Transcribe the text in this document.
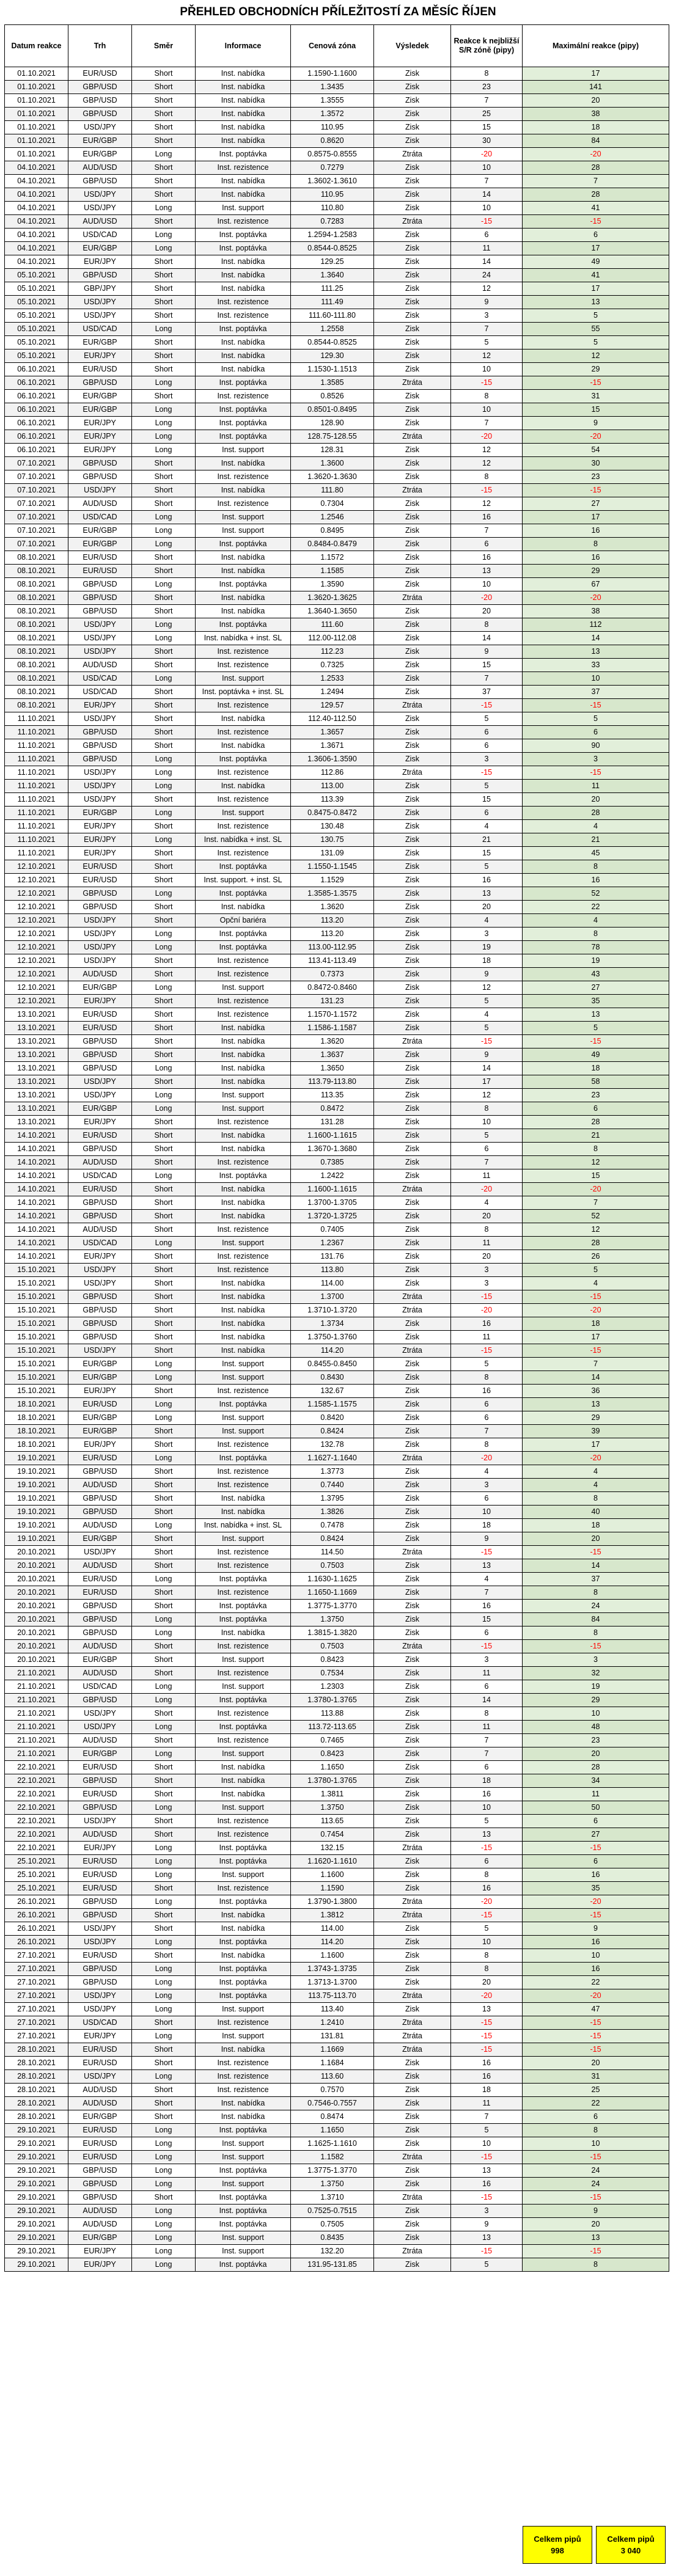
PŘEHLED OBCHODNÍCH PŘÍLEŽITOSTÍ ZA MĚSÍC ŘÍJEN
Datum reakce	Trh	Směr	Informace	Cenová zóna	Výsledek	Reakce k nejbližší S/R zóně (pipy)	Maximální reakce (pipy)
01.10.2021	EUR/USD	Short	Inst. nabídka	1.1590-1.1600	Zisk	8	17
01.10.2021	GBP/USD	Short	Inst. nabídka	1.3435	Zisk	23	141
01.10.2021	GBP/USD	Short	Inst. nabídka	1.3555	Zisk	7	20
01.10.2021	GBP/USD	Short	Inst. nabídka	1.3572	Zisk	25	38
01.10.2021	USD/JPY	Short	Inst. nabídka	110.95	Zisk	15	18
01.10.2021	EUR/GBP	Short	Inst. nabídka	0.8620	Zisk	30	84
01.10.2021	EUR/GBP	Long	Inst. poptávka	0.8575-0.8555	Ztráta	-20	-20
04.10.2021	AUD/USD	Short	Inst. rezistence	0.7279	Zisk	10	28
04.10.2021	GBP/USD	Short	Inst. nabídka	1.3602-1.3610	Zisk	7	7
04.10.2021	USD/JPY	Short	Inst. nabídka	110.95	Zisk	14	28
04.10.2021	USD/JPY	Long	Inst. support	110.80	Zisk	10	41
04.10.2021	AUD/USD	Short	Inst. rezistence	0.7283	Ztráta	-15	-15
04.10.2021	USD/CAD	Long	Inst. poptávka	1.2594-1.2583	Zisk	6	6
04.10.2021	EUR/GBP	Long	Inst. poptávka	0.8544-0.8525	Zisk	11	17
04.10.2021	EUR/JPY	Short	Inst. nabídka	129.25	Zisk	14	49
05.10.2021	GBP/USD	Short	Inst. nabídka	1.3640	Zisk	24	41
05.10.2021	GBP/JPY	Short	Inst. nabídka	111.25	Zisk	12	17
05.10.2021	USD/JPY	Short	Inst. rezistence	111.49	Zisk	9	13
05.10.2021	USD/JPY	Short	Inst. rezistence	111.60-111.80	Zisk	3	5
05.10.2021	USD/CAD	Long	Inst. poptávka	1.2558	Zisk	7	55
05.10.2021	EUR/GBP	Short	Inst. nabídka	0.8544-0.8525	Zisk	5	5
05.10.2021	EUR/JPY	Short	Inst. nabídka	129.30	Zisk	12	12
06.10.2021	EUR/USD	Short	Inst. nabídka	1.1530-1.1513	Zisk	10	29
06.10.2021	GBP/USD	Long	Inst. poptávka	1.3585	Ztráta	-15	-15
06.10.2021	EUR/GBP	Short	Inst. rezistence	0.8526	Zisk	8	31
06.10.2021	EUR/GBP	Long	Inst. poptávka	0.8501-0.8495	Zisk	10	15
06.10.2021	EUR/JPY	Long	Inst. poptávka	128.90	Zisk	7	9
06.10.2021	EUR/JPY	Long	Inst. poptávka	128.75-128.55	Ztráta	-20	-20
06.10.2021	EUR/JPY	Long	Inst. support	128.31	Zisk	12	54
07.10.2021	GBP/USD	Short	Inst. nabídka	1.3600	Zisk	12	30
07.10.2021	GBP/USD	Short	Inst. rezistence	1.3620-1.3630	Zisk	8	23
07.10.2021	USD/JPY	Short	Inst. nabídka	111.80	Ztráta	-15	-15
07.10.2021	AUD/USD	Short	Inst. rezistence	0.7304	Zisk	12	27
07.10.2021	USD/CAD	Long	Inst. support	1.2546	Zisk	16	17
07.10.2021	EUR/GBP	Long	Inst. support	0.8495	Zisk	7	16
07.10.2021	EUR/GBP	Long	Inst. poptávka	0.8484-0.8479	Zisk	6	8
08.10.2021	EUR/USD	Short	Inst. nabídka	1.1572	Zisk	16	16
08.10.2021	EUR/USD	Short	Inst. nabídka	1.1585	Zisk	13	29
08.10.2021	GBP/USD	Long	Inst. poptávka	1.3590	Zisk	10	67
08.10.2021	GBP/USD	Short	Inst. nabídka	1.3620-1.3625	Ztráta	-20	-20
08.10.2021	GBP/USD	Short	Inst. nabídka	1.3640-1.3650	Zisk	20	38
08.10.2021	USD/JPY	Long	Inst. poptávka	111.60	Zisk	8	112
08.10.2021	USD/JPY	Long	Inst. nabídka + inst. SL	112.00-112.08	Zisk	14	14
08.10.2021	USD/JPY	Short	Inst. rezistence	112.23	Zisk	9	13
08.10.2021	AUD/USD	Short	Inst. rezistence	0.7325	Zisk	15	33
08.10.2021	USD/CAD	Long	Inst. support	1.2533	Zisk	7	10
08.10.2021	USD/CAD	Short	Inst. poptávka + inst. SL	1.2494	Zisk	37	37
08.10.2021	EUR/JPY	Short	Inst. rezistence	129.57	Ztráta	-15	-15
11.10.2021	USD/JPY	Short	Inst. nabídka	112.40-112.50	Zisk	5	5
11.10.2021	GBP/USD	Short	Inst. rezistence	1.3657	Zisk	6	6
11.10.2021	GBP/USD	Short	Inst. nabídka	1.3671	Zisk	6	90
11.10.2021	GBP/USD	Long	Inst. poptávka	1.3606-1.3590	Zisk	3	3
11.10.2021	USD/JPY	Long	Inst. rezistence	112.86	Ztráta	-15	-15
11.10.2021	USD/JPY	Long	Inst. nabídka	113.00	Zisk	5	11
11.10.2021	USD/JPY	Short	Inst. rezistence	113.39	Zisk	15	20
11.10.2021	EUR/GBP	Long	Inst. support	0.8475-0.8472	Zisk	6	28
11.10.2021	EUR/JPY	Short	Inst. rezistence	130.48	Zisk	4	4
11.10.2021	EUR/JPY	Long	Inst. nabídka + inst. SL	130.75	Zisk	21	21
11.10.2021	EUR/JPY	Short	Inst. rezistence	131.09	Zisk	15	45
12.10.2021	EUR/USD	Short	Inst. poptávka	1.1550-1.1545	Zisk	5	8
12.10.2021	EUR/USD	Short	Inst. support. + inst. SL	1.1529	Zisk	16	16
12.10.2021	GBP/USD	Long	Inst. poptávka	1.3585-1.3575	Zisk	13	52
12.10.2021	GBP/USD	Short	Inst. nabídka	1.3620	Zisk	20	22
12.10.2021	USD/JPY	Short	Opční bariéra	113.20	Zisk	4	4
12.10.2021	USD/JPY	Long	Inst. poptávka	113.20	Zisk	3	8
12.10.2021	USD/JPY	Long	Inst. poptávka	113.00-112.95	Zisk	19	78
12.10.2021	USD/JPY	Short	Inst. rezistence	113.41-113.49	Zisk	18	19
12.10.2021	AUD/USD	Short	Inst. rezistence	0.7373	Zisk	9	43
12.10.2021	EUR/GBP	Long	Inst. support	0.8472-0.8460	Zisk	12	27
12.10.2021	EUR/JPY	Short	Inst. rezistence	131.23	Zisk	5	35
13.10.2021	EUR/USD	Short	Inst. rezistence	1.1570-1.1572	Zisk	4	13
13.10.2021	EUR/USD	Short	Inst. nabídka	1.1586-1.1587	Zisk	5	5
13.10.2021	GBP/USD	Short	Inst. nabídka	1.3620	Ztráta	-15	-15
13.10.2021	GBP/USD	Short	Inst. nabídka	1.3637	Zisk	9	49
13.10.2021	GBP/USD	Long	Inst. nabídka	1.3650	Zisk	14	18
13.10.2021	USD/JPY	Short	Inst. nabídka	113.79-113.80	Zisk	17	58
13.10.2021	USD/JPY	Long	Inst. support	113.35	Zisk	12	23
13.10.2021	EUR/GBP	Long	Inst. support	0.8472	Zisk	8	6
13.10.2021	EUR/JPY	Short	Inst. rezistence	131.28	Zisk	10	28
14.10.2021	EUR/USD	Short	Inst. nabídka	1.1600-1.1615	Zisk	5	21
14.10.2021	GBP/USD	Short	Inst. nabídka	1.3670-1.3680	Zisk	6	8
14.10.2021	AUD/USD	Short	Inst. rezistence	0.7385	Zisk	7	12
14.10.2021	USD/CAD	Long	Inst. poptávka	1.2422	Zisk	11	15
14.10.2021	EUR/USD	Short	Inst. nabídka	1.1600-1.1615	Ztráta	-20	-20
14.10.2021	GBP/USD	Short	Inst. nabídka	1.3700-1.3705	Zisk	4	7
14.10.2021	GBP/USD	Short	Inst. nabídka	1.3720-1.3725	Zisk	20	52
14.10.2021	AUD/USD	Short	Inst. rezistence	0.7405	Zisk	8	12
14.10.2021	USD/CAD	Long	Inst. support	1.2367	Zisk	11	28
14.10.2021	EUR/JPY	Short	Inst. rezistence	131.76	Zisk	20	26
15.10.2021	USD/JPY	Short	Inst. rezistence	113.80	Zisk	3	5
15.10.2021	USD/JPY	Short	Inst. nabídka	114.00	Zisk	3	4
15.10.2021	GBP/USD	Short	Inst. nabídka	1.3700	Ztráta	-15	-15
15.10.2021	GBP/USD	Short	Inst. nabídka	1.3710-1.3720	Ztráta	-20	-20
15.10.2021	GBP/USD	Short	Inst. nabídka	1.3734	Zisk	16	18
15.10.2021	GBP/USD	Short	Inst. nabídka	1.3750-1.3760	Zisk	11	17
15.10.2021	USD/JPY	Short	Inst. nabídka	114.20	Ztráta	-15	-15
15.10.2021	EUR/GBP	Long	Inst. support	0.8455-0.8450	Zisk	5	7
15.10.2021	EUR/GBP	Long	Inst. support	0.8430	Zisk	8	14
15.10.2021	EUR/JPY	Short	Inst. rezistence	132.67	Zisk	16	36
18.10.2021	EUR/USD	Long	Inst. poptávka	1.1585-1.1575	Zisk	6	13
18.10.2021	EUR/GBP	Long	Inst. support	0.8420	Zisk	6	29
18.10.2021	EUR/GBP	Short	Inst. support	0.8424	Zisk	7	39
18.10.2021	EUR/JPY	Short	Inst. rezistence	132.78	Zisk	8	17
19.10.2021	EUR/USD	Long	Inst. poptávka	1.1627-1.1640	Ztráta	-20	-20
19.10.2021	GBP/USD	Short	Inst. rezistence	1.3773	Zisk	4	4
19.10.2021	AUD/USD	Short	Inst. rezistence	0.7440	Zisk	3	4
19.10.2021	GBP/USD	Short	Inst. nabídka	1.3795	Zisk	6	8
19.10.2021	GBP/USD	Short	Inst. nabídka	1.3826	Zisk	10	40
19.10.2021	AUD/USD	Long	Inst. nabídka + inst. SL	0.7478	Zisk	18	18
19.10.2021	EUR/GBP	Short	Inst. support	0.8424	Zisk	9	20
20.10.2021	USD/JPY	Short	Inst. rezistence	114.50	Ztráta	-15	-15
20.10.2021	AUD/USD	Short	Inst. rezistence	0.7503	Zisk	13	14
20.10.2021	EUR/USD	Long	Inst. poptávka	1.1630-1.1625	Zisk	4	37
20.10.2021	EUR/USD	Short	Inst. rezistence	1.1650-1.1669	Zisk	7	8
20.10.2021	GBP/USD	Short	Inst. poptávka	1.3775-1.3770	Zisk	16	24
20.10.2021	GBP/USD	Long	Inst. poptávka	1.3750	Zisk	15	84
20.10.2021	GBP/USD	Long	Inst. nabídka	1.3815-1.3820	Zisk	6	8
20.10.2021	AUD/USD	Short	Inst. rezistence	0.7503	Ztráta	-15	-15
20.10.2021	EUR/GBP	Short	Inst. support	0.8423	Zisk	3	3
21.10.2021	AUD/USD	Short	Inst. rezistence	0.7534	Zisk	11	32
21.10.2021	USD/CAD	Long	Inst. support	1.2303	Zisk	6	19
21.10.2021	GBP/USD	Long	Inst. poptávka	1.3780-1.3765	Zisk	14	29
21.10.2021	USD/JPY	Short	Inst. rezistence	113.88	Zisk	8	10
21.10.2021	USD/JPY	Long	Inst. poptávka	113.72-113.65	Zisk	11	48
21.10.2021	AUD/USD	Short	Inst. rezistence	0.7465	Zisk	7	23
21.10.2021	EUR/GBP	Long	Inst. support	0.8423	Zisk	7	20
22.10.2021	EUR/USD	Short	Inst. nabídka	1.1650	Zisk	6	28
22.10.2021	GBP/USD	Short	Inst. nabídka	1.3780-1.3765	Zisk	18	34
22.10.2021	EUR/USD	Short	Inst. nabídka	1.3811	Zisk	16	11
22.10.2021	GBP/USD	Long	Inst. support	1.3750	Zisk	10	50
22.10.2021	USD/JPY	Short	Inst. rezistence	113.65	Zisk	5	6
22.10.2021	AUD/USD	Short	Inst. rezistence	0.7454	Zisk	13	27
22.10.2021	EUR/JPY	Long	Inst. poptávka	132.15	Ztráta	-15	-15
25.10.2021	EUR/USD	Long	Inst. poptávka	1.1620-1.1610	Zisk	6	6
25.10.2021	EUR/USD	Long	Inst. support	1.1600	Zisk	8	16
25.10.2021	EUR/USD	Short	Inst. rezistence	1.1590	Zisk	16	35
26.10.2021	GBP/USD	Long	Inst. poptávka	1.3790-1.3800	Ztráta	-20	-20
26.10.2021	GBP/USD	Short	Inst. nabídka	1.3812	Ztráta	-15	-15
26.10.2021	USD/JPY	Short	Inst. nabídka	114.00	Zisk	5	9
26.10.2021	USD/JPY	Long	Inst. poptávka	114.20	Zisk	10	16
27.10.2021	EUR/USD	Short	Inst. nabídka	1.1600	Zisk	8	10
27.10.2021	GBP/USD	Long	Inst. poptávka	1.3743-1.3735	Zisk	8	16
27.10.2021	GBP/USD	Long	Inst. poptávka	1.3713-1.3700	Zisk	20	22
27.10.2021	USD/JPY	Long	Inst. poptávka	113.75-113.70	Ztráta	-20	-20
27.10.2021	USD/JPY	Long	Inst. support	113.40	Zisk	13	47
27.10.2021	USD/CAD	Short	Inst. rezistence	1.2410	Ztráta	-15	-15
27.10.2021	EUR/JPY	Long	Inst. support	131.81	Ztráta	-15	-15
28.10.2021	EUR/USD	Short	Inst. nabídka	1.1669	Ztráta	-15	-15
28.10.2021	EUR/USD	Short	Inst. rezistence	1.1684	Zisk	16	20
28.10.2021	USD/JPY	Long	Inst. rezistence	113.60	Zisk	16	31
28.10.2021	AUD/USD	Short	Inst. rezistence	0.7570	Zisk	18	25
28.10.2021	AUD/USD	Short	Inst. nabídka	0.7546-0.7557	Zisk	11	22
28.10.2021	EUR/GBP	Short	Inst. nabídka	0.8474	Zisk	7	6
29.10.2021	EUR/USD	Long	Inst. poptávka	1.1650	Zisk	5	8
29.10.2021	EUR/USD	Long	Inst. support	1.1625-1.1610	Zisk	10	10
29.10.2021	EUR/USD	Long	Inst. support	1.1582	Ztráta	-15	-15
29.10.2021	GBP/USD	Long	Inst. poptávka	1.3775-1.3770	Zisk	13	24
29.10.2021	GBP/USD	Long	Inst. support	1.3750	Zisk	16	24
29.10.2021	GBP/USD	Short	Inst. poptávka	1.3710	Ztráta	-15	-15
29.10.2021	AUD/USD	Long	Inst. poptávka	0.7525-0.7515	Zisk	3	9
29.10.2021	AUD/USD	Long	Inst. poptávka	0.7505	Zisk	9	20
29.10.2021	EUR/GBP	Long	Inst. support	0.8435	Zisk	13	13
29.10.2021	EUR/JPY	Long	Inst. support	132.20	Ztráta	-15	-15
29.10.2021	EUR/JPY	Long	Inst. poptávka	131.95-131.85	Zisk	5	8
Celkem pipů
998
Celkem pipů
3 040
